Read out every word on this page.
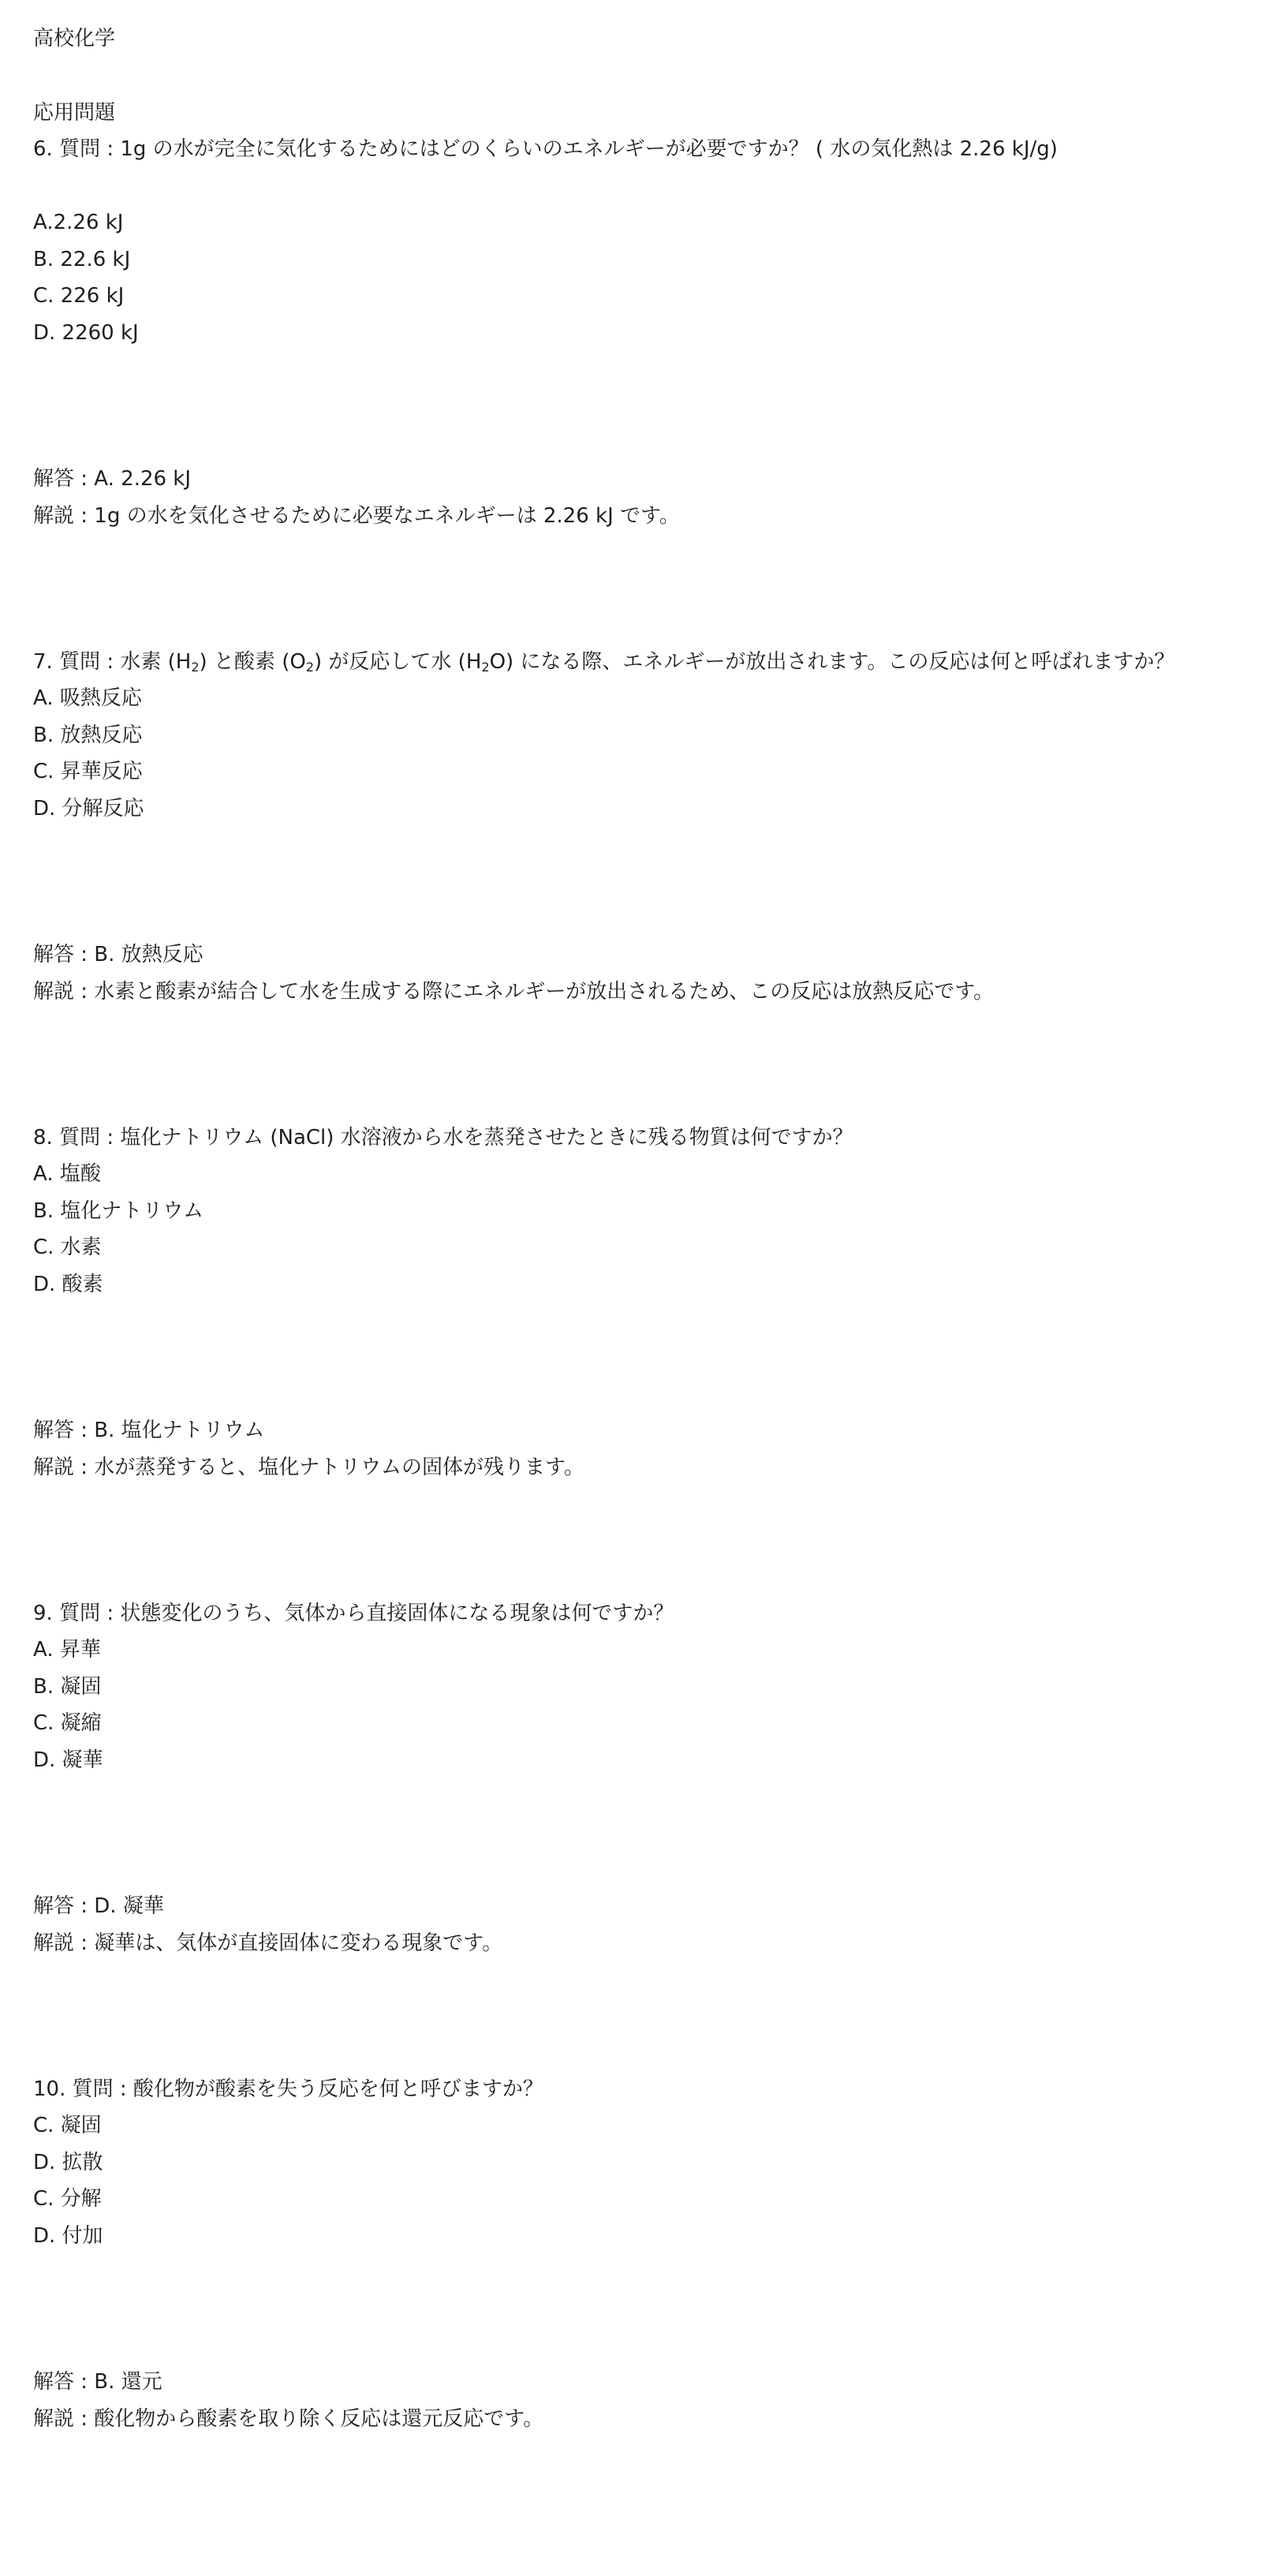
高校化学
応用問題
6. 質問 : 1g の水が完全に気化するためにはどのくらいのエネルギーが必要ですか？ ( 水の気化熱は 2.26 kJ/g)
A.2.26 kJ
B. 22.6 kJ
C. 226 kJ
D. 2260 kJ
解答 : A. 2.26 kJ
解説 : 1g の水を気化させるために必要なエネルギーは 2.26 kJ です。
7. 質問 : 水素 $(H_2)$ と酸素 $(O_2)$ が反応して水 $(H_2O)$ になる際、エネルギーが放出されます。この反応は何と呼ばれますか？
A. 吸熱反応
B. 放熱反応
C. 昇華反応
D. 分解反応
解答 : B. 放熱反応
解説 : 水素と酸素が結合して水を生成する際にエネルギーが放出されるため、この反応は放熱反応です。
8. 質問 : 塩化ナトリウム (NaCl) 水溶液から水を蒸発させたときに残る物質は何ですか？
A. 塩酸
B. 塩化ナトリウム
C. 水素
D. 酸素
解答 : B. 塩化ナトリウム
解説 : 水が蒸発すると、塩化ナトリウムの固体が残ります。
9. 質問 : 状態変化のうち、気体から直接固体になる現象は何ですか？
A. 昇華
B. 凝固
C. 凝縮
D. 凝華
解答 : D. 凝華
解説 : 凝華は、気体が直接固体に変わる現象です。
10. 質問 : 酸化物が酸素を失う反応を何と呼びますか？
C. 凝固
D. 拡散
C. 分解
D. 付加
解答 : B. 還元
解説 : 酸化物から酸素を取り除く反応は還元反応です。
